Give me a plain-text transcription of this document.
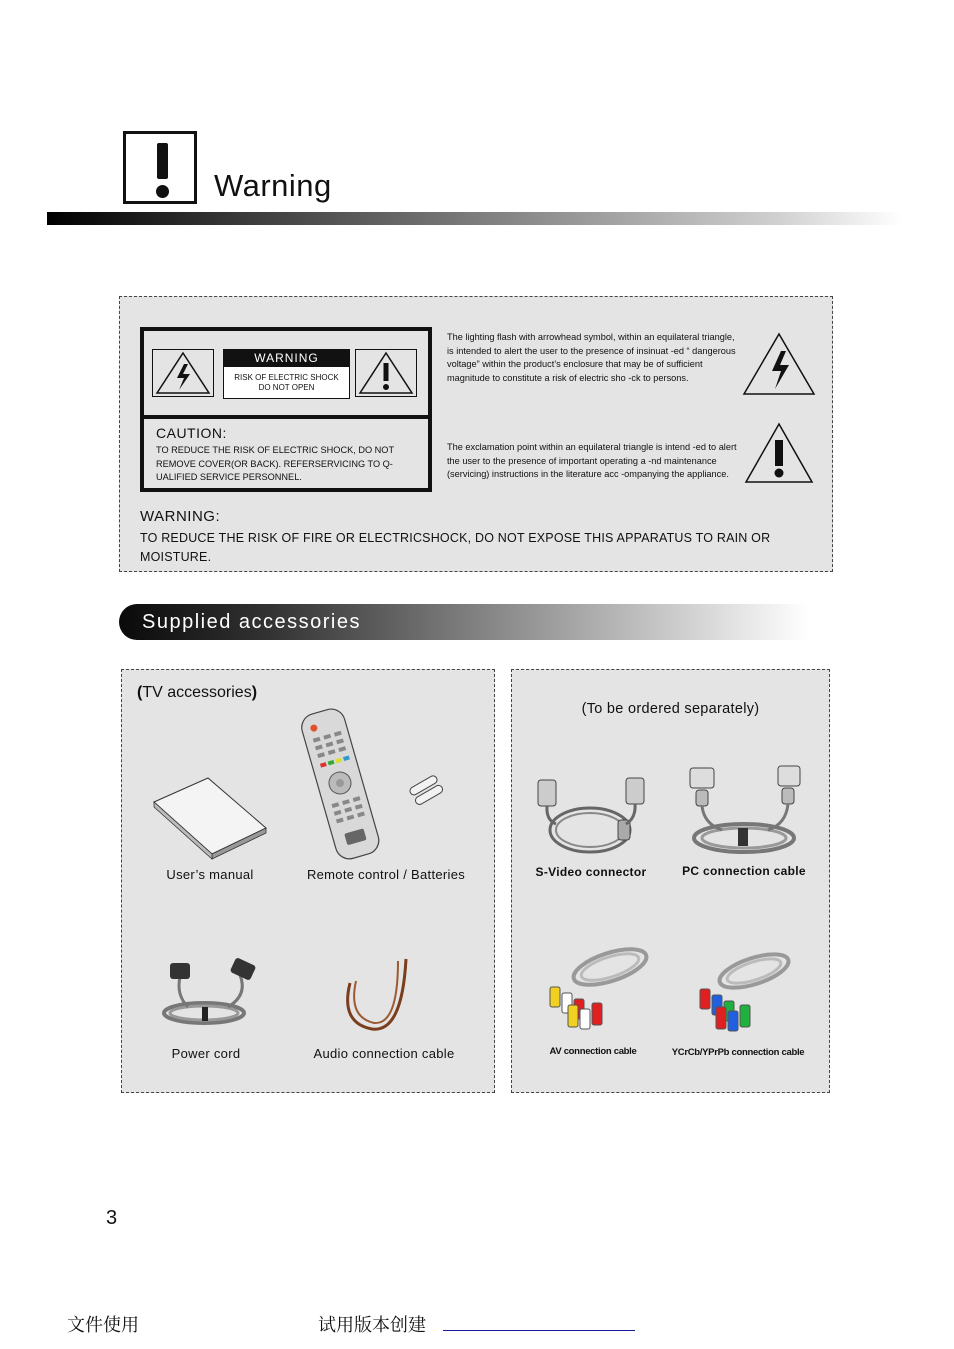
Warning
WARNING
RISK OF ELECTRIC SHOCK
DO NOT OPEN
CAUTION:
TO REDUCE THE RISK OF ELECTRIC SHOCK, DO NOT REMOVE COVER(OR BACK). REFERSERVICING TO Q-UALIFIED SERVICE PERSONNEL.
The lighting flash with arrowhead symbol, within an equilateral triangle, is intended to alert the user to the presence of insinuat -ed “ dangerous voltage” within the product’s enclosure that may be of sufficient magnitude to constitute a risk of electric sho -ck to persons.
The exclamation point within an equilateral triangle is intend -ed to alert the user to the presence of important operating a -nd maintenance (servicing) instructions in the literature acc -ompanying the appliance.
WARNING:
TO REDUCE THE RISK OF FIRE OR ELECTRICSHOCK, DO NOT EXPOSE THIS APPARATUS TO RAIN OR MOISTURE.
Supplied accessories
(TV accessories)
(To be ordered separately)
User’s manual	Remote control / Batteries
Power cord	Audio connection cable
S-Video connector	PC connection cable
AV connection cable	YCrCb/YPrPb connection cable
3
文件使用	试用版本创建
